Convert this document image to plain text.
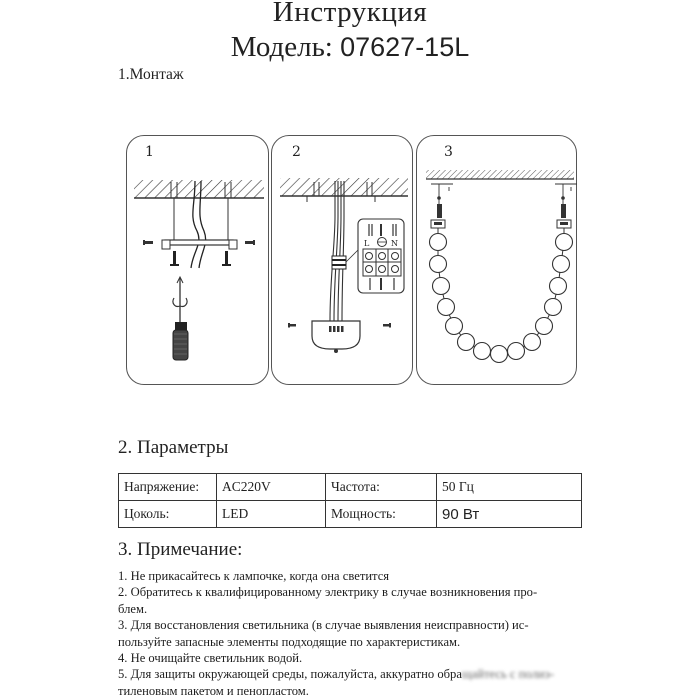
Инструкция
Модель: 07627-15L
1.Монтаж
1	2
L	N
3
2. Параметры
Напряжение:	AC220V	Частота:	50 Гц
Цоколь:	LED	Мощность:	90 Вт
3. Примечание:
1. Не прикасайтесь к лампочке, когда она светится
2. Обратитесь к квалифицированному электрику в случае возникновения про-
блем.
3. Для восстановления светильника (в случае выявления неисправности) ис-
пользуйте запасные элементы подходящие по характеристикам.
4. Не очищайте светильник водой.
5. Для защиты окружающей среды, пожалуйста, аккуратно обращайтесь с полиэ-
тиленовым пакетом и пенопластом.
